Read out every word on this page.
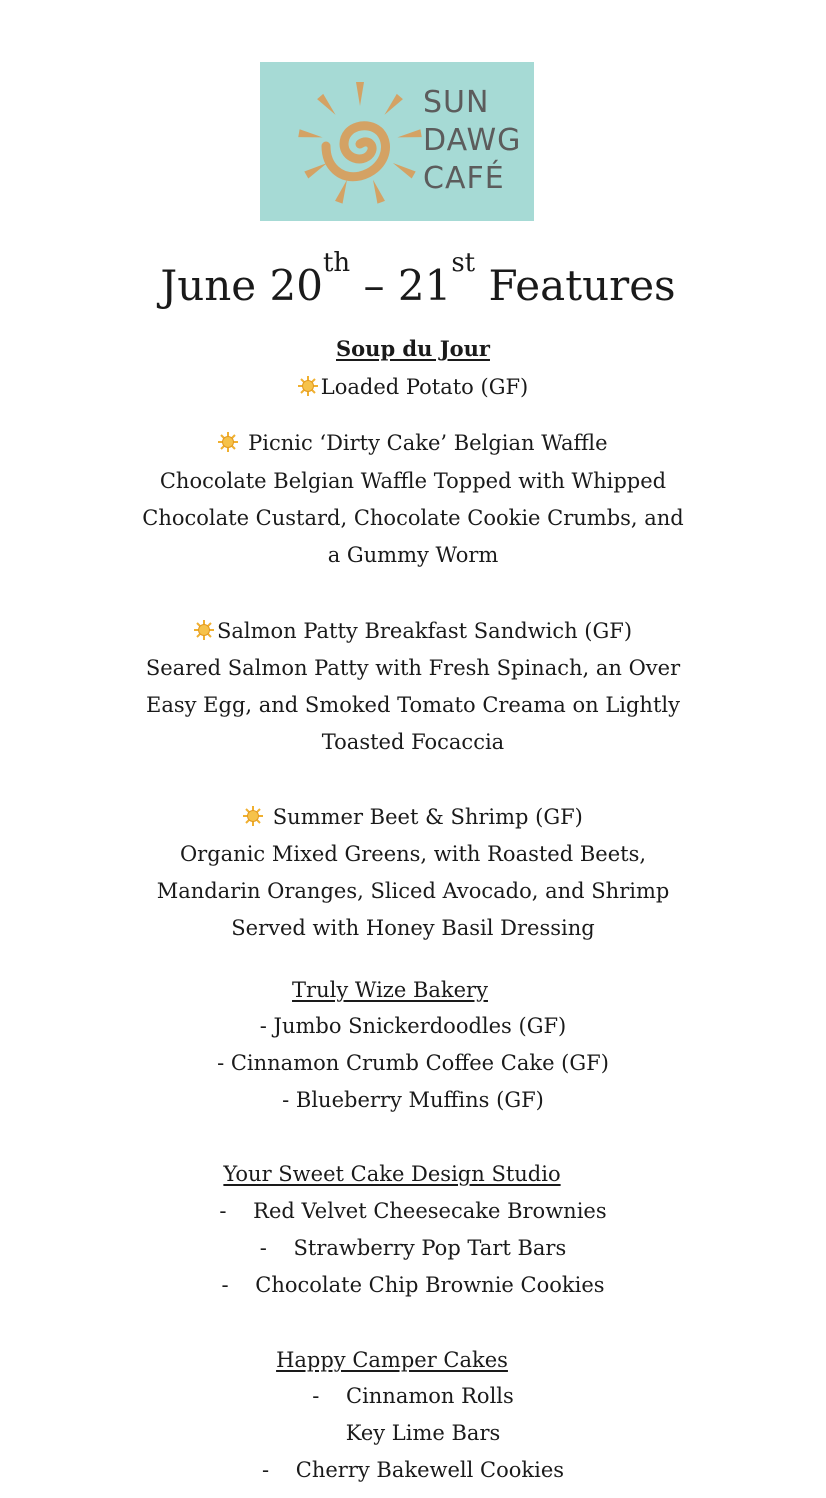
SUN
DAWG
CAFÉ
June 20th – 21st Features
Soup du Jour
Loaded Potato (GF)
Picnic ‘Dirty Cake’ Belgian Waffle
Chocolate Belgian Waffle Topped with Whipped
Chocolate Custard, Chocolate Cookie Crumbs, and
a Gummy Worm
Salmon Patty Breakfast Sandwich (GF)
Seared Salmon Patty with Fresh Spinach, an Over
Easy Egg, and Smoked Tomato Creama on Lightly
Toasted Focaccia
Summer Beet & Shrimp (GF)
Organic Mixed Greens, with Roasted Beets,
Mandarin Oranges, Sliced Avocado, and Shrimp
Served with Honey Basil Dressing
Truly Wize Bakery
- Jumbo Snickerdoodles (GF)
- Cinnamon Crumb Coffee Cake (GF)
- Blueberry Muffins (GF)
Your Sweet Cake Design Studio
-    Red Velvet Cheesecake Brownies
-    Strawberry Pop Tart Bars
-    Chocolate Chip Brownie Cookies
Happy Camper Cakes
-    Cinnamon Rolls
Key Lime Bars
-    Cherry Bakewell Cookies
